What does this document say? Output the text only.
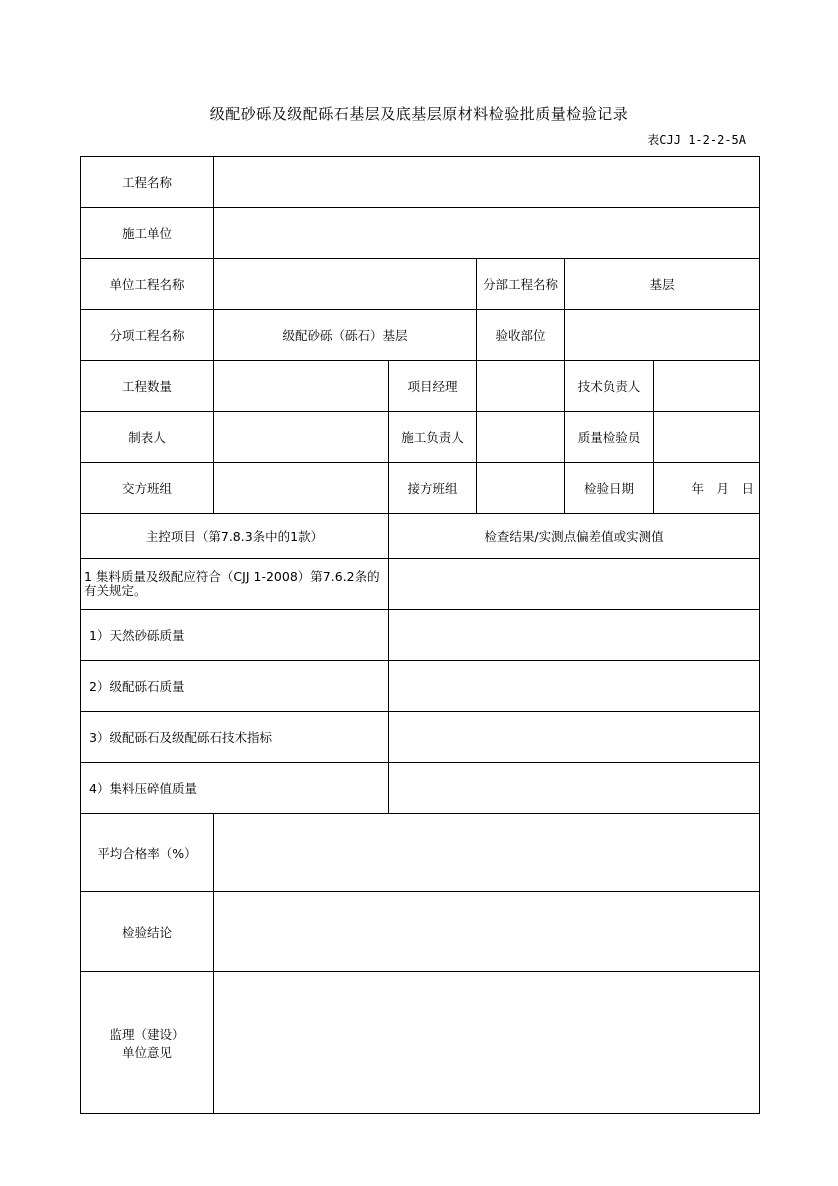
级配砂砾及级配砾石基层及底基层原材料检验批质量检验记录
表CJJ 1-2-2-5A
工程名称					
施工单位					
单位工程名称			分部工程名称	基层	
分项工程名称	级配砂砾（砾石）基层		验收部位		
工程数量		项目经理		技术负责人	
制表人		施工负责人		质量检验员	
交方班组		接方班组		检验日期	年　月　日
主控项目（第7.8.3条中的1款）		检查结果/实测点偏差值或实测值			
1 集料质量及级配应符合（CJJ 1-2008）第7.6.2条的有关规定。					
1）天然砂砾质量					
2）级配砾石质量					
3）级配砾石及级配砾石技术指标					
4）集料压碎值质量					
平均合格率（%）					
检验结论					

监理（建设）
单位意见					
